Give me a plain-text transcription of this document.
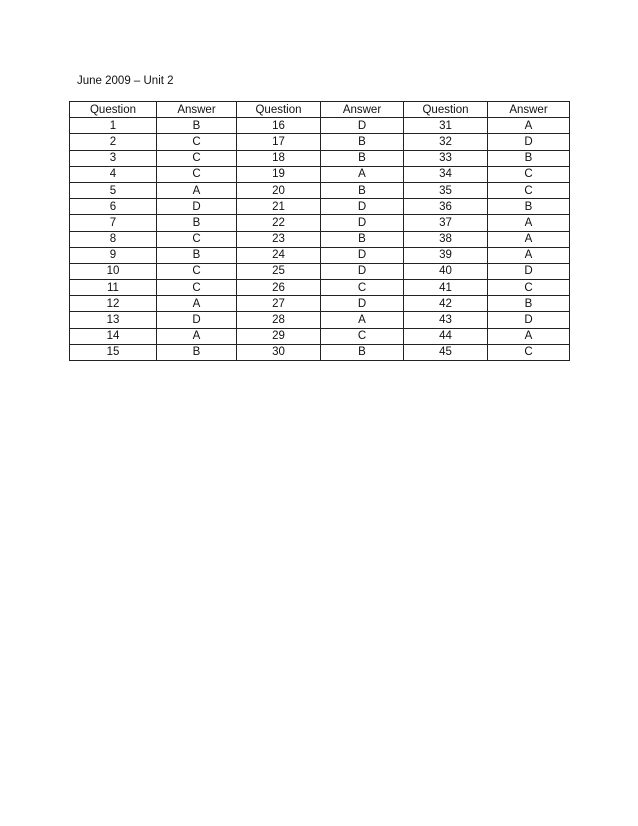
June 2009 – Unit 2
Question	Answer	Question	Answer	Question	Answer
1	B	16	D	31	A
2	C	17	B	32	D
3	C	18	B	33	B
4	C	19	A	34	C
5	A	20	B	35	C
6	D	21	D	36	B
7	B	22	D	37	A
8	C	23	B	38	A
9	B	24	D	39	A
10	C	25	D	40	D
11	C	26	C	41	C
12	A	27	D	42	B
13	D	28	A	43	D
14	A	29	C	44	A
15	B	30	B	45	C
